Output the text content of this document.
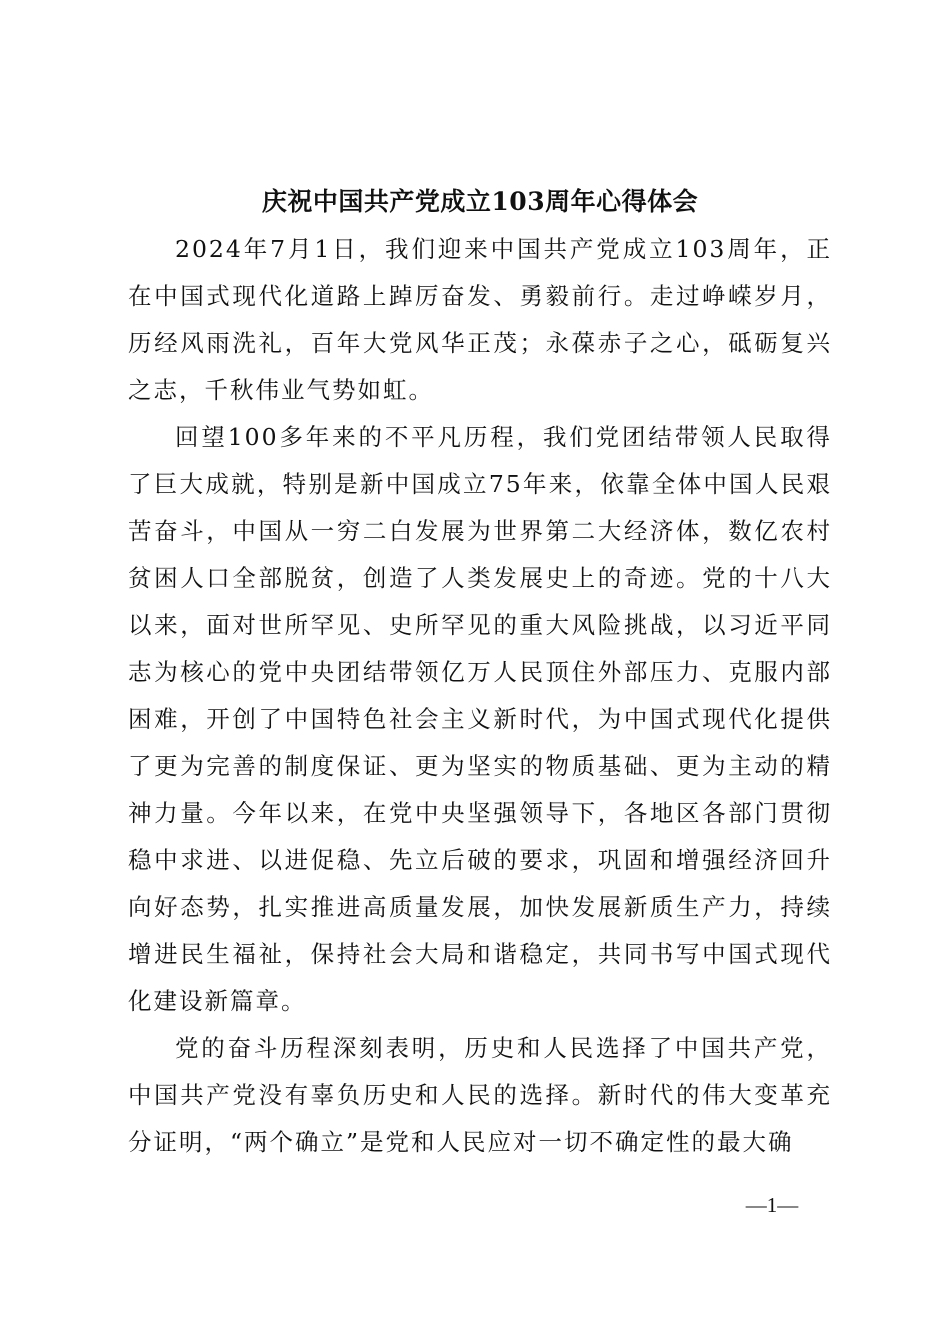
庆祝中国共产党成立103周年心得体会

2024年7月1日，我们迎来中国共产党成立103周年，正在中国式现代化道路上踔厉奋发、勇毅前行。走过峥嵘岁月，历经风雨洗礼，百年大党风华正茂；永葆赤子之心，砥砺复兴之志，千秋伟业气势如虹。

回望100多年来的不平凡历程，我们党团结带领人民取得了巨大成就，特别是新中国成立75年来，依靠全体中国人民艰苦奋斗，中国从一穷二白发展为世界第二大经济体，数亿农村贫困人口全部脱贫，创造了人类发展史上的奇迹。党的十八大以来，面对世所罕见、史所罕见的重大风险挑战，以习近平同志为核心的党中央团结带领亿万人民顶住外部压力、克服内部困难，开创了中国特色社会主义新时代，为中国式现代化提供了更为完善的制度保证、更为坚实的物质基础、更为主动的精神力量。今年以来，在党中央坚强领导下，各地区各部门贯彻稳中求进、以进促稳、先立后破的要求，巩固和增强经济回升向好态势，扎实推进高质量发展，加快发展新质生产力，持续增进民生福祉，保持社会大局和谐稳定，共同书写中国式现代化建设新篇章。

党的奋斗历程深刻表明，历史和人民选择了中国共产党，中国共产党没有辜负历史和人民的选择。新时代的伟大变革充分证明，“两个确立”是党和人民应对一切不确定性的最大确

—1—
